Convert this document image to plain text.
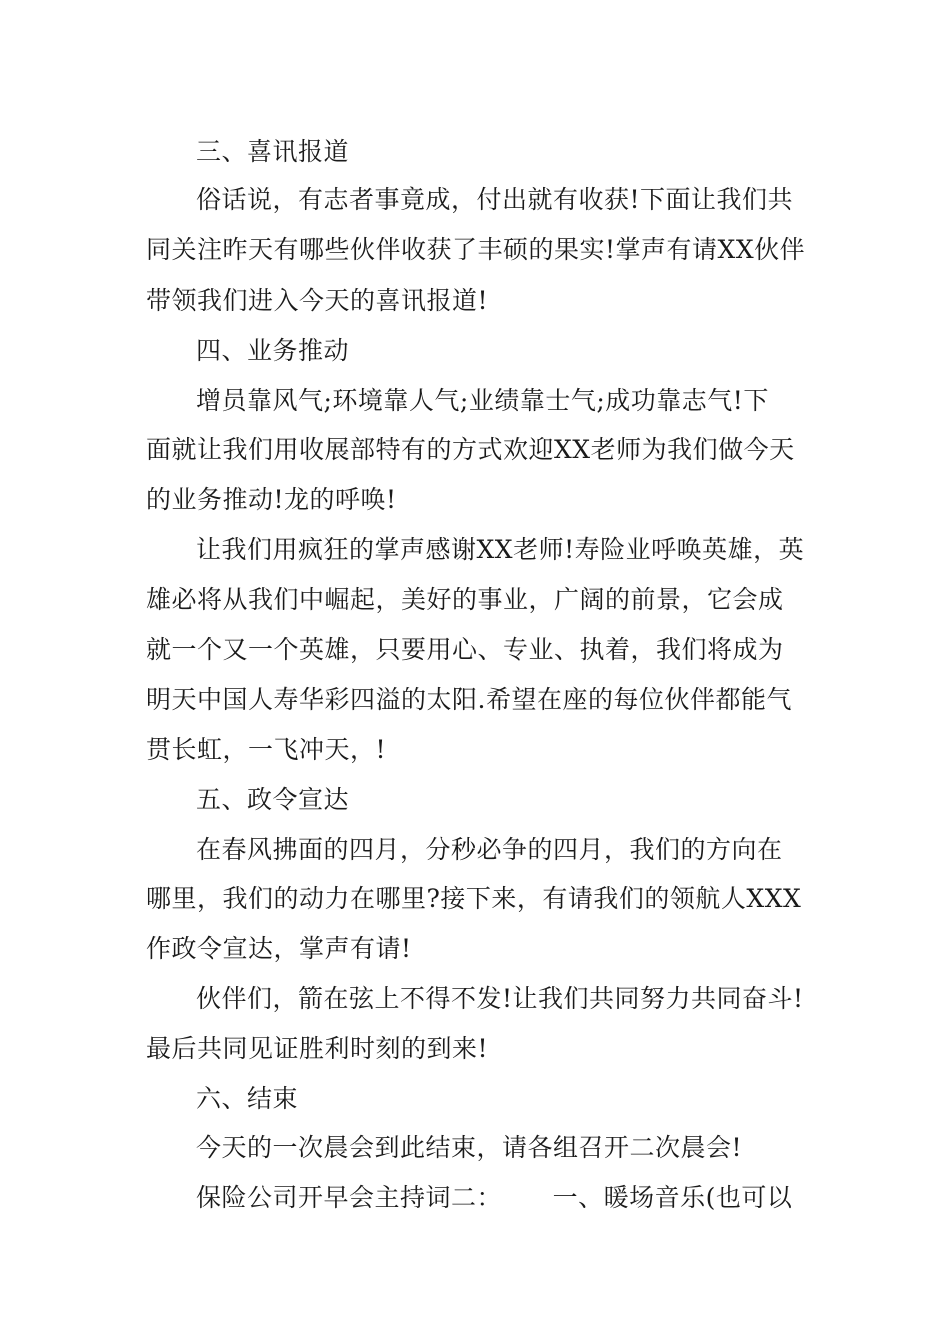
三、喜讯报道
俗话说，有志者事竟成，付出就有收获!下面让我们共
同关注昨天有哪些伙伴收获了丰硕的果实!掌声有请XX伙伴
带领我们进入今天的喜讯报道!
四、业务推动
增员靠风气;环境靠人气;业绩靠士气;成功靠志气!下
面就让我们用收展部特有的方式欢迎XX老师为我们做今天
的业务推动!龙的呼唤!
让我们用疯狂的掌声感谢XX老师!寿险业呼唤英雄，英
雄必将从我们中崛起，美好的事业，广阔的前景，它会成
就一个又一个英雄，只要用心、专业、执着，我们将成为
明天中国人寿华彩四溢的太阳.希望在座的每位伙伴都能气
贯长虹，一飞冲天，!
五、政令宣达
在春风拂面的四月，分秒必争的四月，我们的方向在
哪里，我们的动力在哪里?接下来，有请我们的领航人XXX
作政令宣达，掌声有请!
伙伴们，箭在弦上不得不发!让我们共同努力共同奋斗!
最后共同见证胜利时刻的到来!
六、结束
今天的一次晨会到此结束，请各组召开二次晨会!
保险公司开早会主持词二：      一、暖场音乐(也可以
